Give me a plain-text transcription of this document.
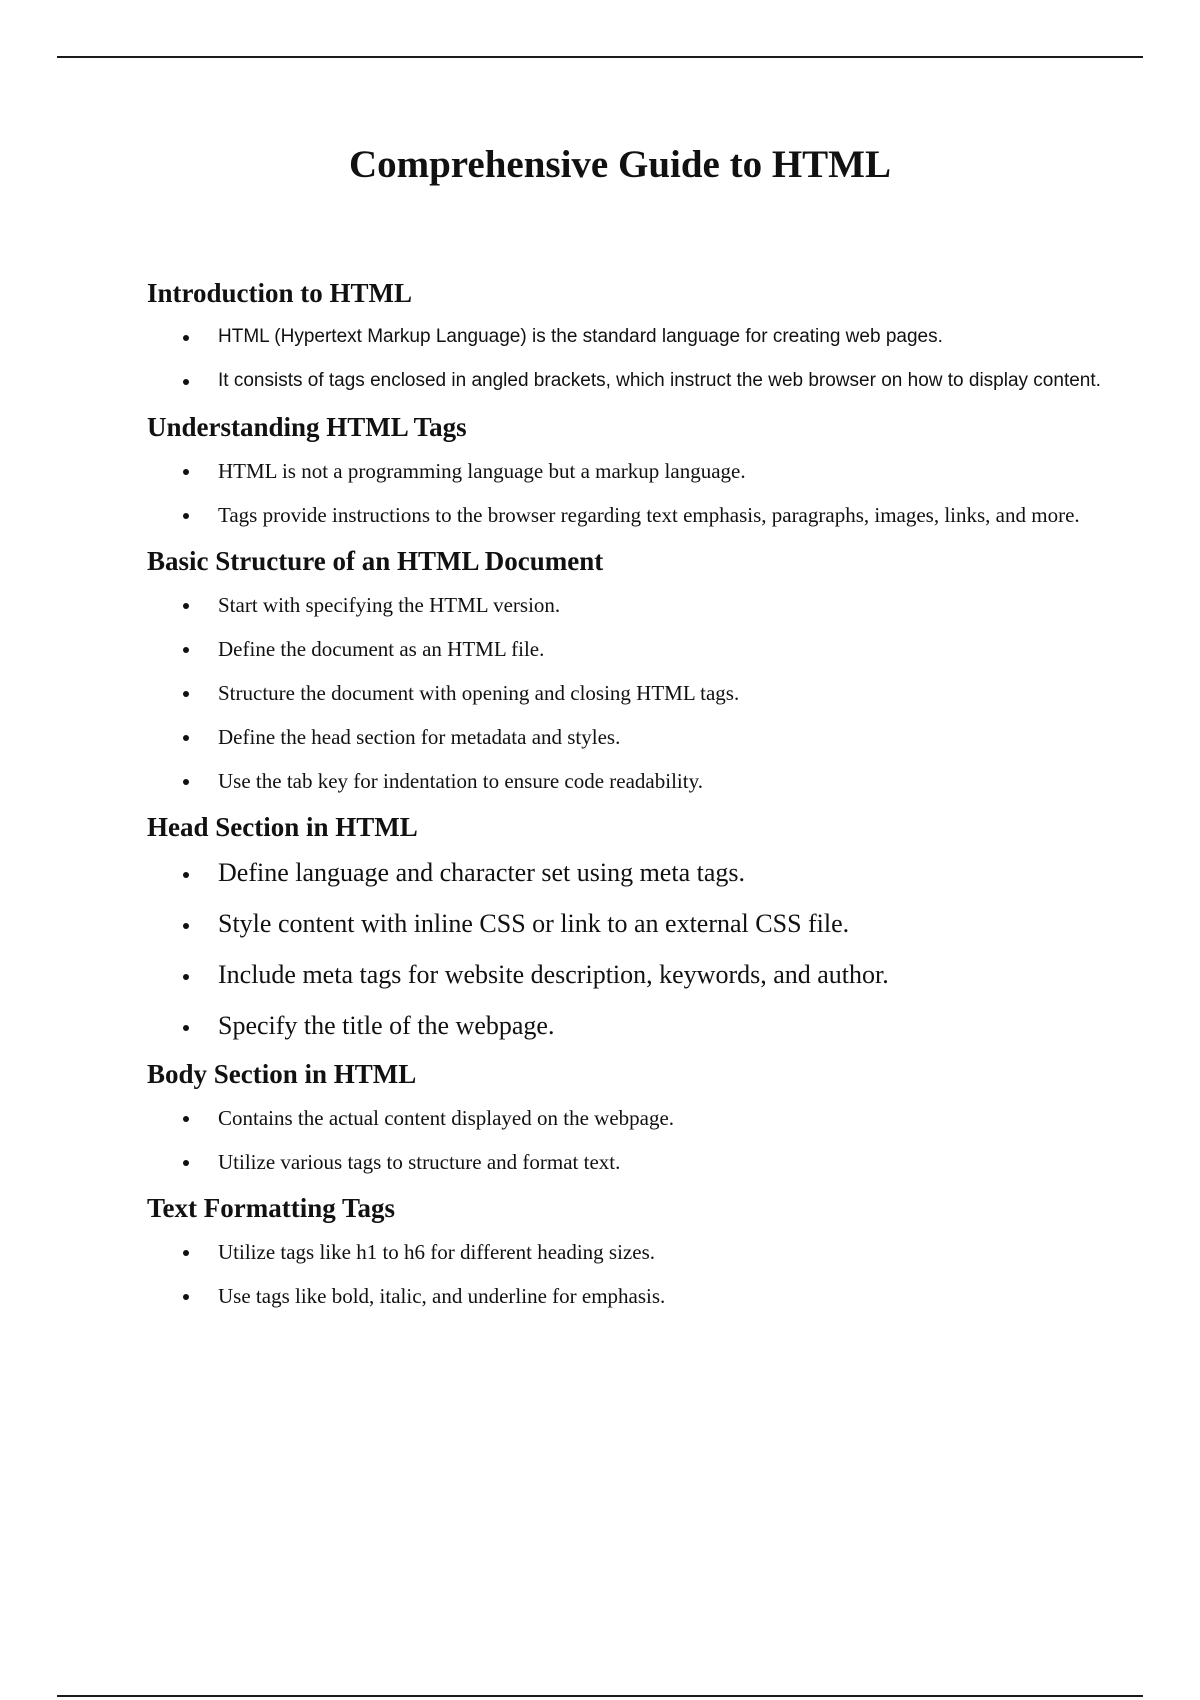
Comprehensive Guide to HTML
Introduction to HTML
HTML (Hypertext Markup Language) is the standard language for creating web pages.
It consists of tags enclosed in angled brackets, which instruct the web browser on how to display content.
Understanding HTML Tags
HTML is not a programming language but a markup language.
Tags provide instructions to the browser regarding text emphasis, paragraphs, images, links, and more.
Basic Structure of an HTML Document
Start with specifying the HTML version.
Define the document as an HTML file.
Structure the document with opening and closing HTML tags.
Define the head section for metadata and styles.
Use the tab key for indentation to ensure code readability.
Head Section in HTML
Define language and character set using meta tags.
Style content with inline CSS or link to an external CSS file.
Include meta tags for website description, keywords, and author.
Specify the title of the webpage.
Body Section in HTML
Contains the actual content displayed on the webpage.
Utilize various tags to structure and format text.
Text Formatting Tags
Utilize tags like h1 to h6 for different heading sizes.
Use tags like bold, italic, and underline for emphasis.
